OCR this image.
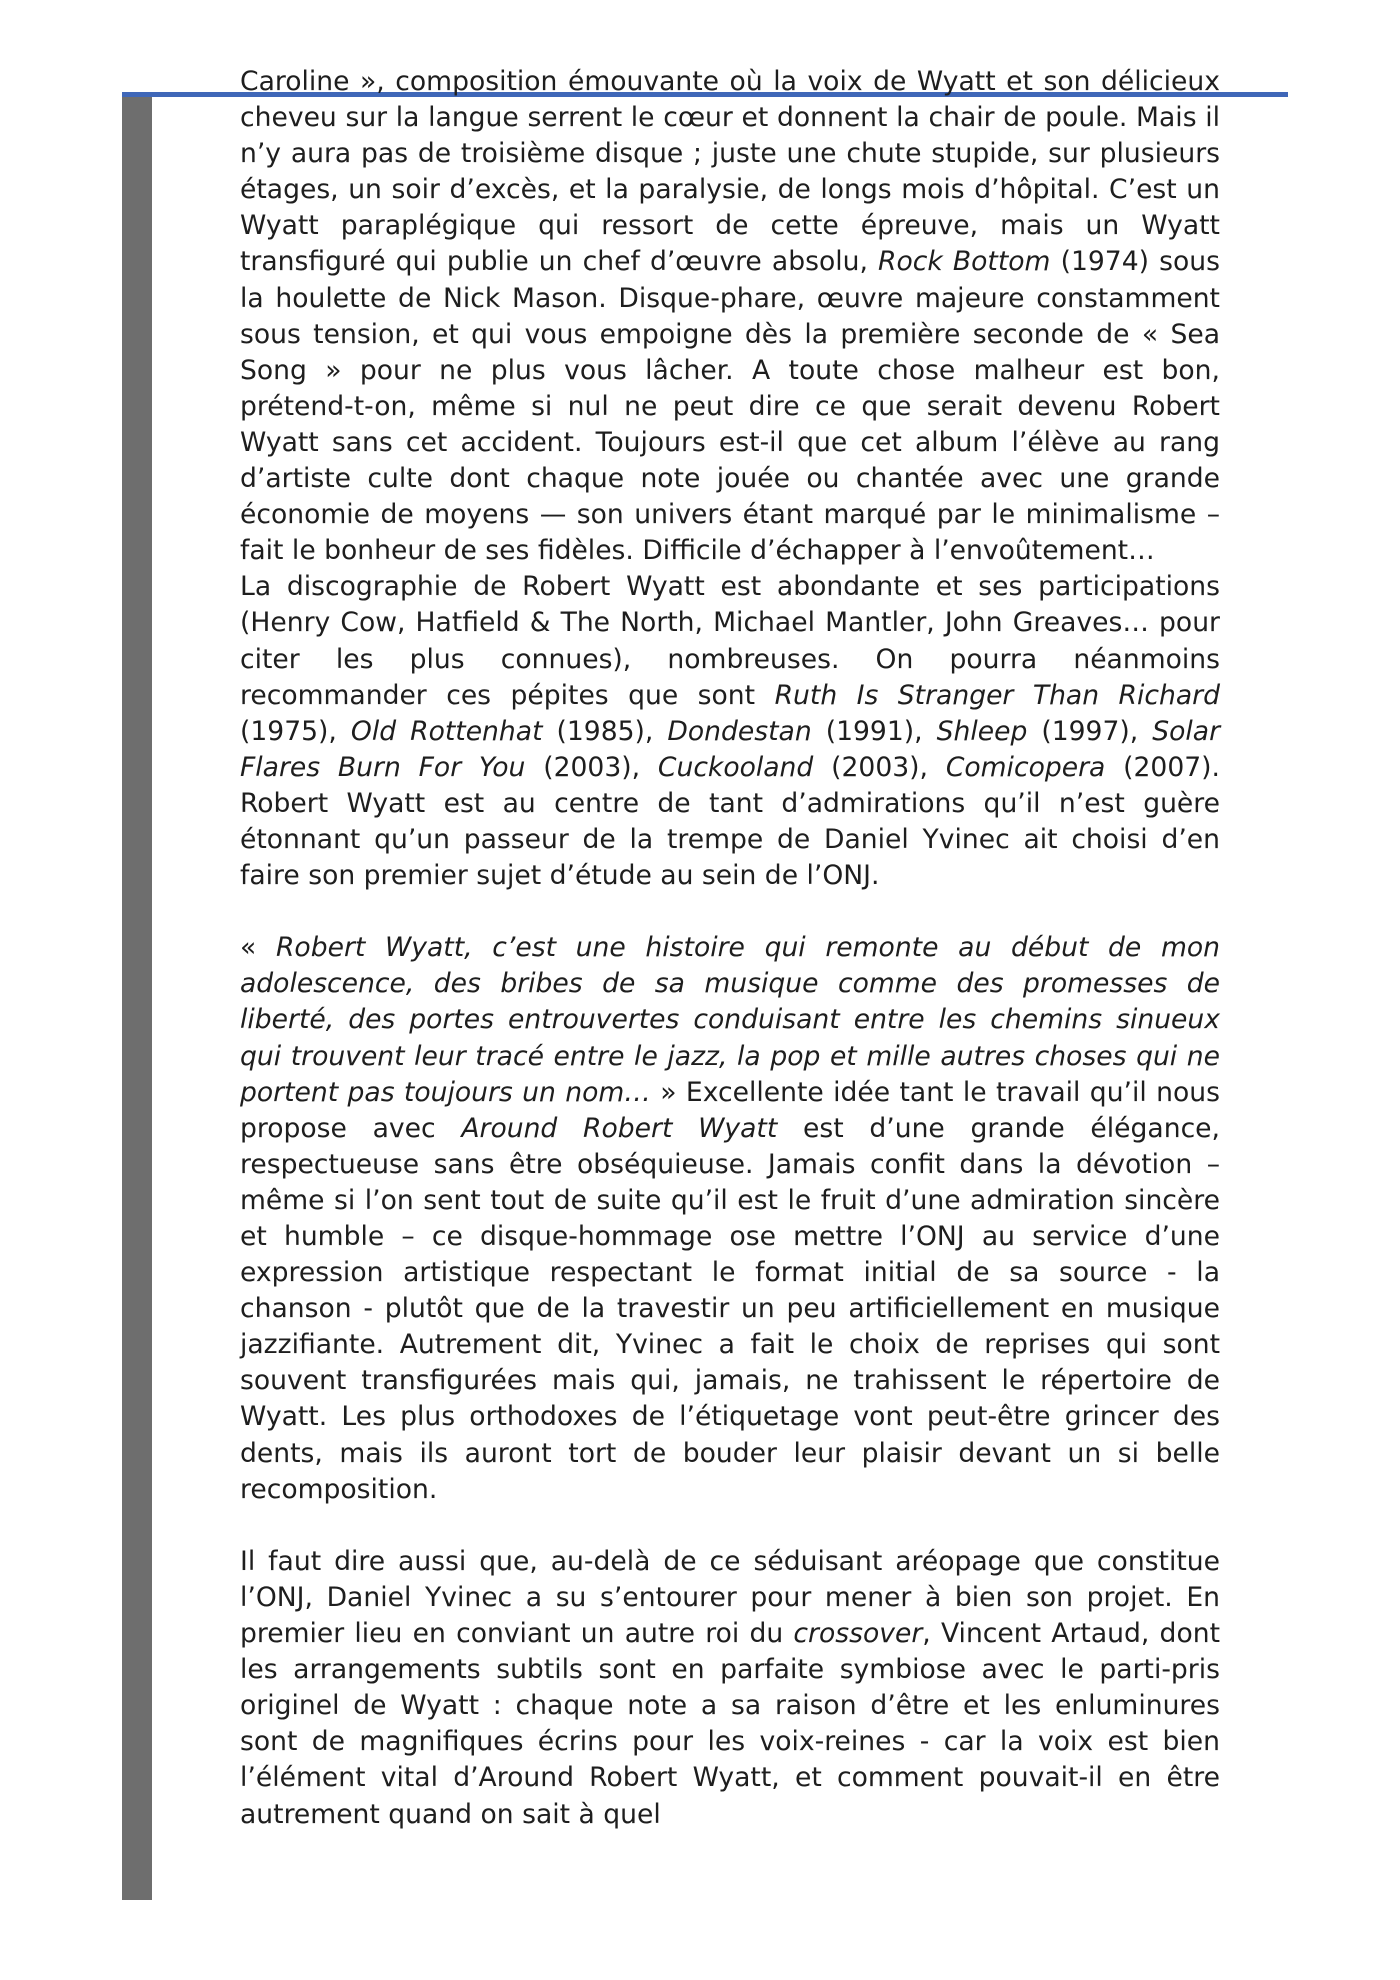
Caroline », composition émouvante où la voix de Wyatt et son délicieux cheveu sur la langue serrent le cœur et donnent la chair de poule. Mais il n’y aura pas de troisième disque ; juste une chute stupide, sur plusieurs étages, un soir d’excès, et la paralysie, de longs mois d’hôpital. C’est un Wyatt paraplégique qui ressort de cette épreuve, mais un Wyatt transfiguré qui publie un chef d’œuvre absolu, Rock Bottom (1974) sous la houlette de Nick Mason. Disque-phare, œuvre majeure constamment sous tension, et qui vous empoigne dès la première seconde de « Sea Song » pour ne plus vous lâcher. A toute chose malheur est bon, prétend-t-on, même si nul ne peut dire ce que serait devenu Robert Wyatt sans cet accident. Toujours est-il que cet album l’élève au rang d’artiste culte dont chaque note jouée ou chantée avec une grande économie de moyens — son univers étant marqué par le minimalisme – fait le bonheur de ses fidèles. Difficile d’échapper à l’envoûtement…

La discographie de Robert Wyatt est abondante et ses participations (Henry Cow, Hatfield & The North, Michael Mantler, John Greaves… pour citer les plus connues), nombreuses. On pourra néanmoins recommander ces pépites que sont Ruth Is Stranger Than Richard (1975), Old Rottenhat (1985), Dondestan (1991), Shleep (1997), Solar Flares Burn For You (2003), Cuckooland (2003), Comicopera (2007). Robert Wyatt est au centre de tant d’admirations qu’il n’est guère étonnant qu’un passeur de la trempe de Daniel Yvinec ait choisi d’en faire son premier sujet d’étude au sein de l’ONJ.

« Robert Wyatt, c’est une histoire qui remonte au début de mon adolescence, des bribes de sa musique comme des promesses de liberté, des portes entrouvertes conduisant entre les chemins sinueux qui trouvent leur tracé entre le jazz, la pop et mille autres choses qui ne portent pas toujours un nom… » Excellente idée tant le travail qu’il nous propose avec Around Robert Wyatt est d’une grande élégance, respectueuse sans être obséquieuse. Jamais confit dans la dévotion – même si l’on sent tout de suite qu’il est le fruit d’une admiration sincère et humble – ce disque-hommage ose mettre l’ONJ au service d’une expression artistique respectant le format initial de sa source - la chanson - plutôt que de la travestir un peu artificiellement en musique jazzifiante. Autrement dit, Yvinec a fait le choix de reprises qui sont souvent transfigurées mais qui, jamais, ne trahissent le répertoire de Wyatt. Les plus orthodoxes de l’étiquetage vont peut-être grincer des dents, mais ils auront tort de bouder leur plaisir devant un si belle recomposition.

Il faut dire aussi que, au-delà de ce séduisant aréopage que constitue l’ONJ, Daniel Yvinec a su s’entourer pour mener à bien son projet. En premier lieu en conviant un autre roi du crossover, Vincent Artaud, dont les arrangements subtils sont en parfaite symbiose avec le parti-pris originel de Wyatt : chaque note a sa raison d’être et les enluminures sont de magnifiques écrins pour les voix-reines - car la voix est bien l’élément vital d’Around Robert Wyatt, et comment pouvait-il en être autrement quand on sait à quel
